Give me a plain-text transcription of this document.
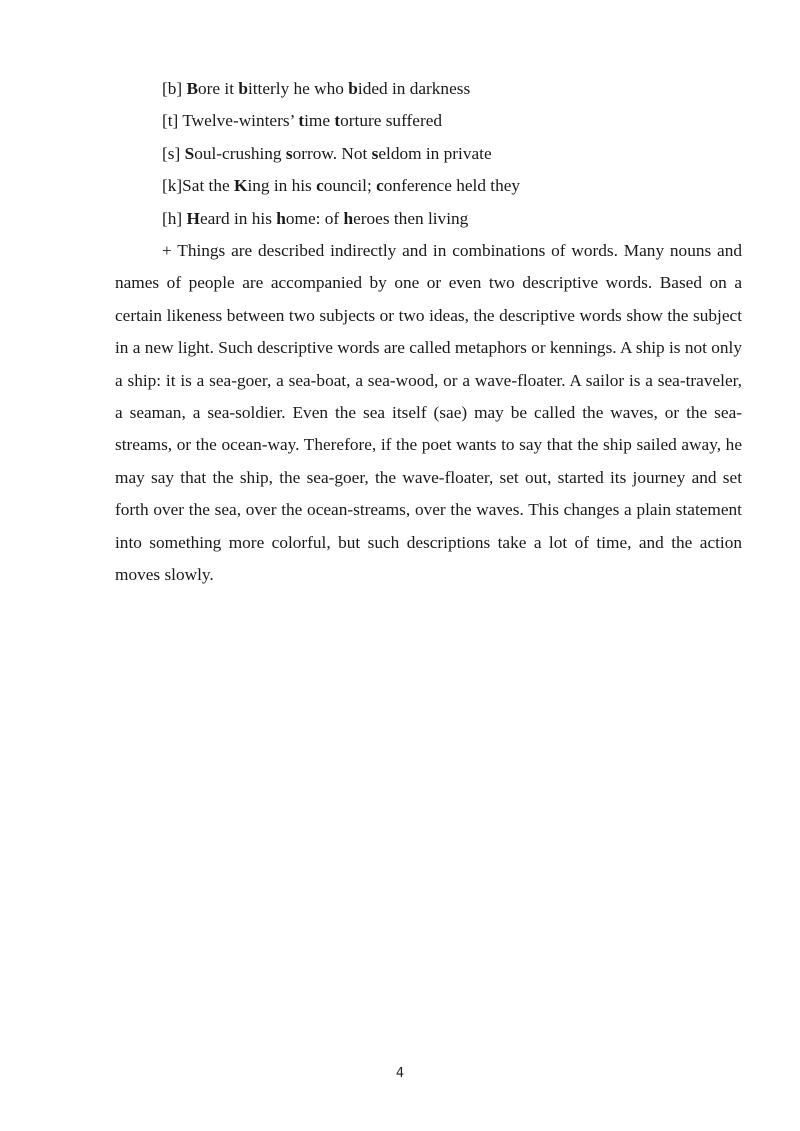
[b] Bore it bitterly he who bided in darkness

[t] Twelve-winters’ time torture suffered

[s] Soul-crushing sorrow. Not seldom in private

[k]Sat the King in his council; conference held they

[h] Heard in his home: of heroes then living

+ Things are described indirectly and in combinations of words. Many nouns and names of people are accompanied by one or even two descriptive words. Based on a certain likeness between two subjects or two ideas, the descriptive words show the subject in a new light. Such descriptive words are called metaphors or kennings. A ship is not only a ship: it is a sea-goer, a sea-boat, a sea-wood, or a wave-floater. A sailor is a sea-traveler, a seaman, a sea-soldier. Even the sea itself (sae) may be called the waves, or the sea-streams, or the ocean-way. Therefore, if the poet wants to say that the ship sailed away, he may say that the ship, the sea-goer, the wave-floater, set out, started its journey and set forth over the sea, over the ocean-streams, over the waves. This changes a plain statement into something more colorful, but such descriptions take a lot of time, and the action moves slowly.

4
